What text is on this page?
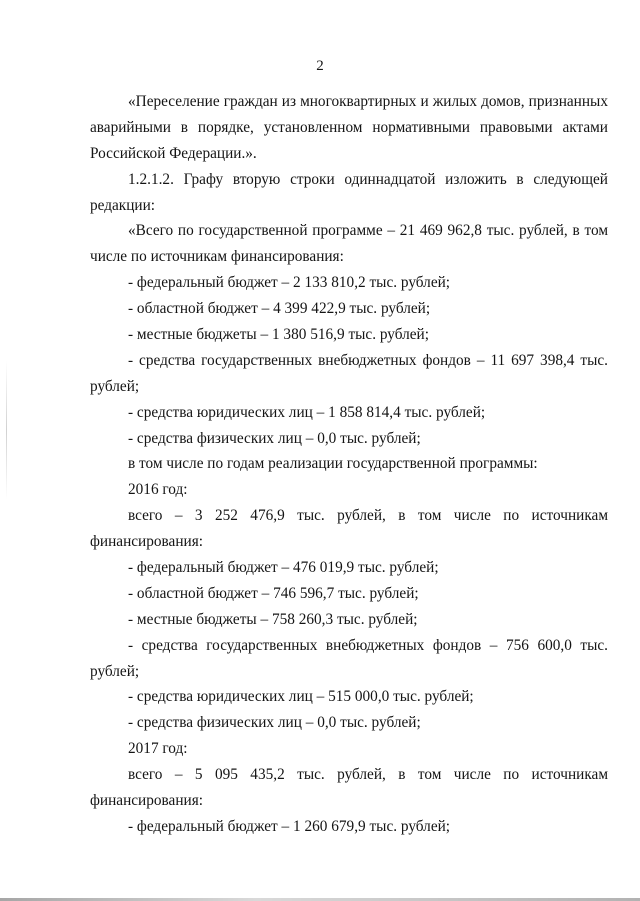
2
«Переселение граждан из многоквартирных и жилых домов, признанных
аварийными в порядке, установленном нормативными правовыми актами
Российской Федерации.».
1.2.1.2. Графу вторую строки одиннадцатой изложить в следующей
редакции:
«Всего по государственной программе – 21 469 962,8 тыс. рублей, в том
числе по источникам финансирования:
- федеральный бюджет – 2 133 810,2 тыс. рублей;
- областной бюджет – 4 399 422,9 тыс. рублей;
- местные бюджеты – 1 380 516,9 тыс. рублей;
- средства государственных внебюджетных фондов – 11 697 398,4 тыс.
рублей;
- средства юридических лиц – 1 858 814,4 тыс. рублей;
- средства физических лиц – 0,0 тыс. рублей;
в том числе по годам реализации государственной программы:
2016 год:
всего – 3 252 476,9 тыс. рублей, в том числе по источникам
финансирования:
- федеральный бюджет – 476 019,9 тыс. рублей;
- областной бюджет – 746 596,7 тыс. рублей;
- местные бюджеты – 758 260,3 тыс. рублей;
- средства государственных внебюджетных фондов – 756 600,0 тыс.
рублей;
- средства юридических лиц – 515 000,0 тыс. рублей;
- средства физических лиц – 0,0 тыс. рублей;
2017 год:
всего – 5 095 435,2 тыс. рублей, в том числе по источникам
финансирования:
- федеральный бюджет – 1 260 679,9 тыс. рублей;
